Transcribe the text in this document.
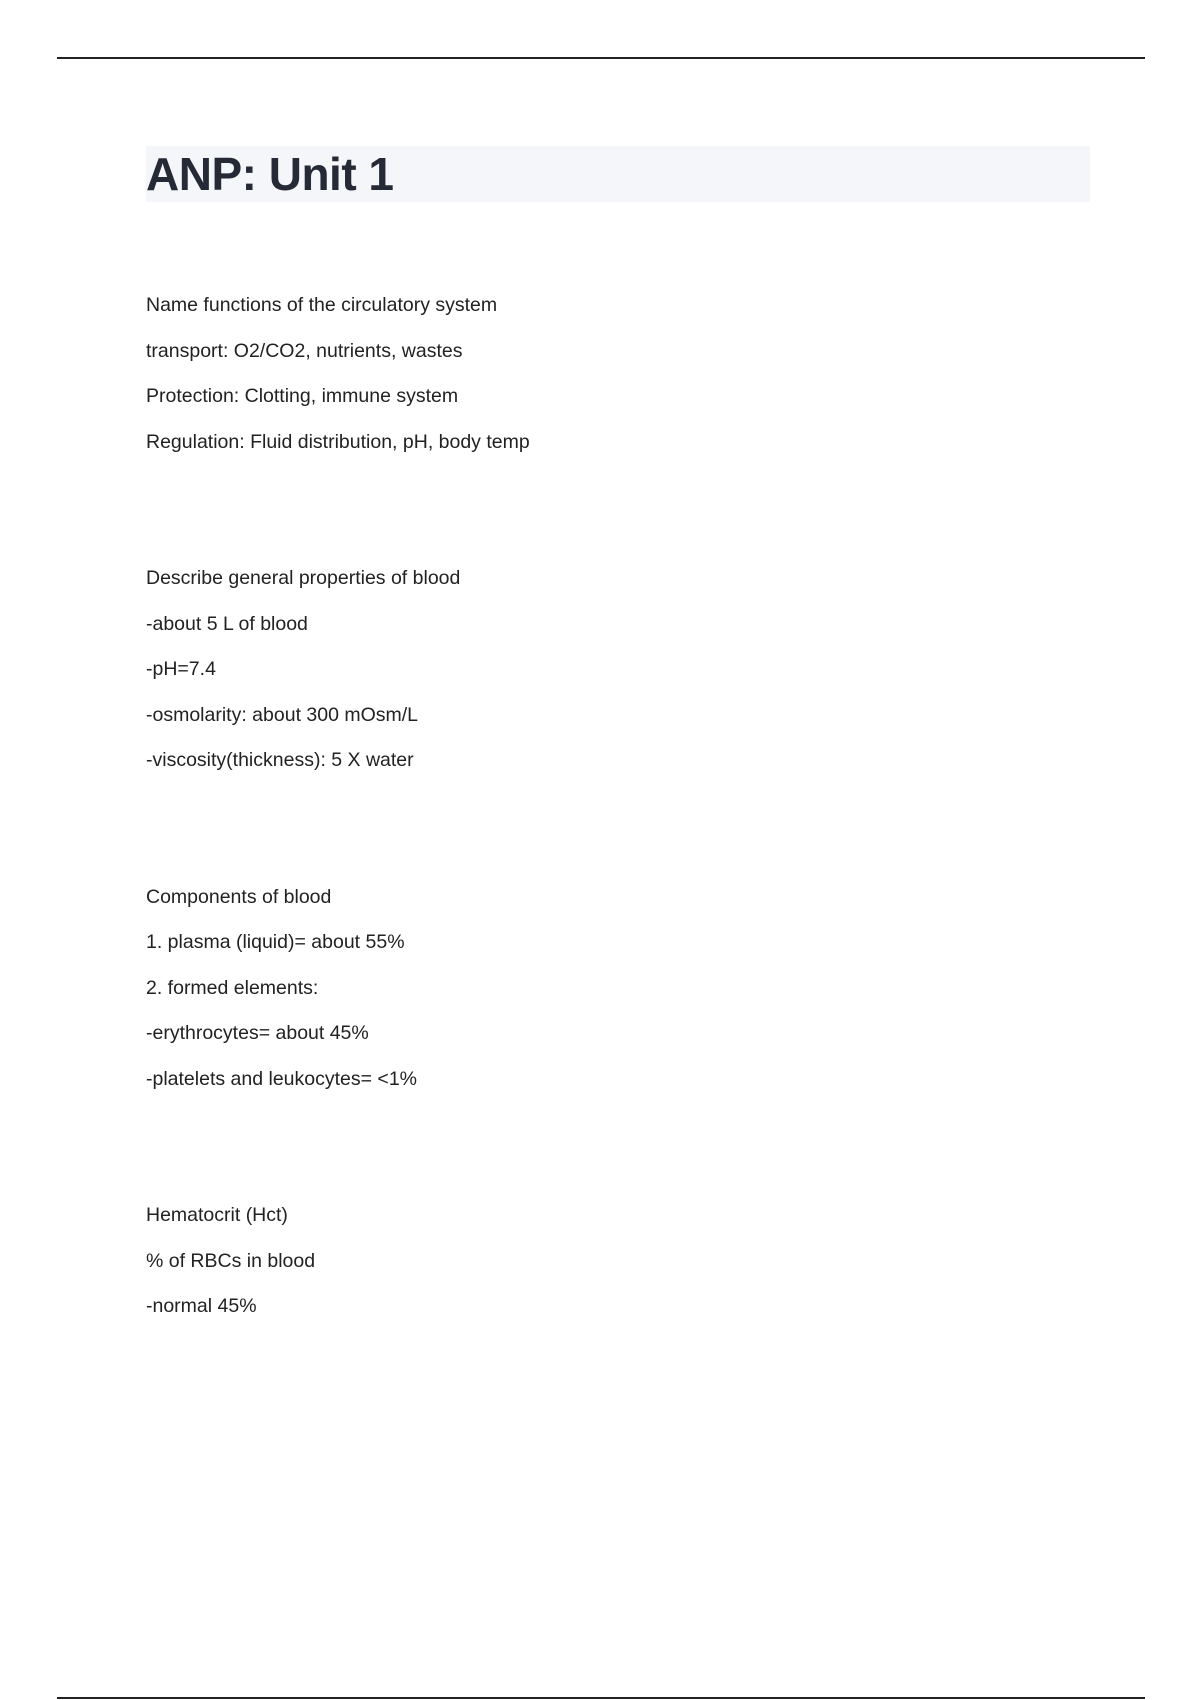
ANP: Unit 1
Name functions of the circulatory system
transport: O2/CO2, nutrients, wastes
Protection: Clotting, immune system
Regulation: Fluid distribution, pH, body temp
Describe general properties of blood
-about 5 L of blood
-pH=7.4
-osmolarity: about 300 mOsm/L
-viscosity(thickness): 5 X water
Components of blood
1. plasma (liquid)= about 55%
2. formed elements:
-erythrocytes= about 45%
-platelets and leukocytes= <1%
Hematocrit (Hct)
% of RBCs in blood
-normal 45%
